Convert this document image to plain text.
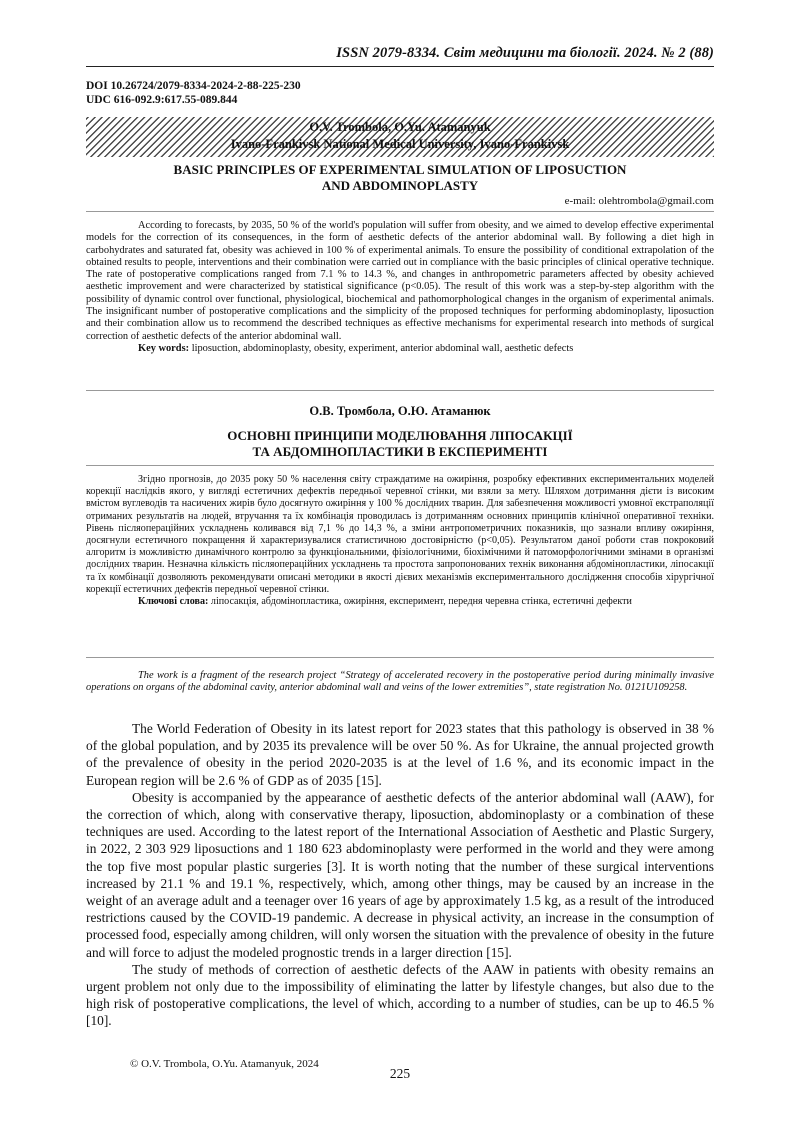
ISSN 2079-8334. Світ медицини та біології. 2024. № 2 (88)
DOI 10.26724/2079-8334-2024-2-88-225-230
UDC 616-092.9:617.55-089.844
O.V. Trombola, O.Yu. Atamanyuk
Ivano-Frankivsk National Medical University, Ivano-Frankivsk
BASIC PRINCIPLES OF EXPERIMENTAL SIMULATION OF LIPOSUCTION
AND ABDOMINOPLASTY
e-mail: olehtrombola@gmail.com

According to forecasts, by 2035, 50 % of the world's population will suffer from obesity, and we aimed to develop effective experimental models for the correction of its consequences, in the form of aesthetic defects of the anterior abdominal wall. By following a diet high in carbohydrates and saturated fat, obesity was achieved in 100 % of experimental animals. To ensure the possibility of conditional extrapolation of the obtained results to people, interventions and their combination were carried out in compliance with the basic principles of clinical operative technique. The rate of postoperative complications ranged from 7.1 % to 14.3 %, and changes in anthropometric parameters affected by obesity achieved aesthetic improvement and were characterized by statistical significance (p<0.05). The result of this work was a step-by-step algorithm with the possibility of dynamic control over functional, physiological, biochemical and pathomorphological changes in the organism of experimental animals. The insignificant number of postoperative complications and the simplicity of the proposed techniques for performing abdominoplasty, liposuction and their combination allow us to recommend the described techniques as effective mechanisms for experimental research into methods of surgical correction of aesthetic defects of the anterior abdominal wall.

Key words: liposuction, abdominoplasty, obesity, experiment, anterior abdominal wall, aesthetic defects

О.В. Тромбола, О.Ю. Атаманюк
ОСНОВНІ ПРИНЦИПИ МОДЕЛЮВАННЯ ЛІПОСАКЦІЇ
ТА АБДОМІНОПЛАСТИКИ В ЕКСПЕРИМЕНТІ

Згідно прогнозів, до 2035 року 50 % населення світу страждатиме на ожиріння, розробку ефективних експериментальних моделей корекції наслідків якого, у вигляді естетичних дефектів передньої черевної стінки, ми взяли за мету. Шляхом дотримання дієти із високим вмістом вуглеводів та насичених жирів було досягнуто ожиріння у 100 % дослідних тварин. Для забезпечення можливості умовної екстраполяції отриманих результатів на людей, втручання та їх комбінація проводилась із дотриманням основних принципів клінічної оперативної техніки. Рівень післяопераційних ускладнень коливався від 7,1 % до 14,3 %, а зміни антропометричних показників, що зазнали впливу ожиріння, досягнули естетичного покращення й характеризувалися статистичною достовірністю (р<0,05). Результатом даної роботи став покроковий алгоритм із можливістю динамічного контролю за функціональними, фізіологічними, біохімічними й патоморфологічними змінами в організмі дослідних тварин. Незначна кількість післяопераційних ускладнень та простота запропонованих технік виконання абдомінопластики, ліпосакції та їх комбінації дозволяють рекомендувати описані методики в якості дієвих механізмів експериментального дослідження способів хірургічної корекції естетичних дефектів передньої черевної стінки.

Ключові слова: ліпосакція, абдомінопластика, ожиріння, експеримент, передня черевна стінка, естетичні дефекти

The work is a fragment of the research project “Strategy of accelerated recovery in the postoperative period during minimally invasive operations on organs of the abdominal cavity, anterior abdominal wall and veins of the lower extremities”, state registration No. 0121U109258.

The World Federation of Obesity in its latest report for 2023 states that this pathology is observed in 38 % of the global population, and by 2035 its prevalence will be over 50 %. As for Ukraine, the annual projected growth of the prevalence of obesity in the period 2020-2035 is at the level of 1.6 %, and its economic impact in the European region will be 2.6 % of GDP as of 2035 [15].

Obesity is accompanied by the appearance of aesthetic defects of the anterior abdominal wall (AAW), for the correction of which, along with conservative therapy, liposuction, abdominoplasty or a combination of these techniques are used. According to the latest report of the International Association of Aesthetic and Plastic Surgery, in 2022, 2 303 929 liposuctions and 1 180 623 abdominoplasty were performed in the world and they were among the top five most popular plastic surgeries [3]. It is worth noting that the number of these surgical interventions increased by 21.1 % and 19.1 %, respectively, which, among other things, may be caused by an increase in the weight of an average adult and a teenager over 16 years of age by approximately 1.5 kg, as a result of the introduced restrictions caused by the COVID-19 pandemic. A decrease in physical activity, an increase in the consumption of processed food, especially among children, will only worsen the situation with the prevalence of obesity in the future and will force to adjust the modeled prognostic trends in a larger direction [15].

The study of methods of correction of aesthetic defects of the AAW in patients with obesity remains an urgent problem not only due to the impossibility of eliminating the latter by lifestyle changes, but also due to the high risk of postoperative complications, the level of which, according to a number of studies, can be up to 46.5 % [10].

© O.V. Trombola, O.Yu. Atamanyuk, 2024
225
